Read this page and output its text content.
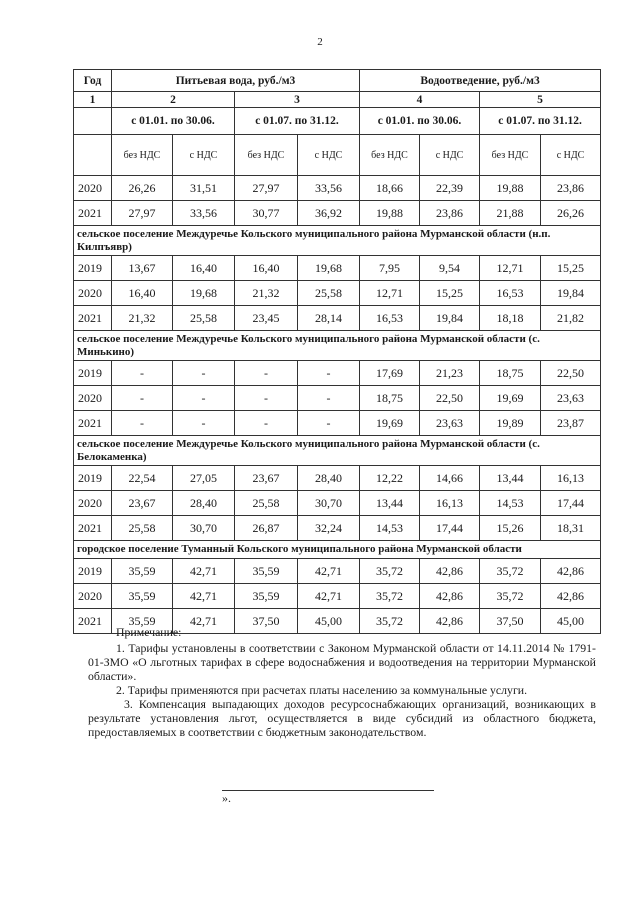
2
Год	Питьевая вода, руб./м3				Водоотведение, руб./м3			
1	2		3		4		5	
	с 01.01. по 30.06.		с 01.07. по 31.12.		с 01.01. по 30.06.		с 01.07. по 31.12.	
	без НДС	с НДС	без НДС	с НДС	без НДС	с НДС	без НДС	с НДС
2020	26,26	31,51	27,97	33,56	18,66	22,39	19,88	23,86
2021	27,97	33,56	30,77	36,92	19,88	23,86	21,88	26,26
сельское поселение Междуречье Кольского муниципального района Мурманской области (н.п. Килпъявр)								
2019	13,67	16,40	16,40	19,68	7,95	9,54	12,71	15,25
2020	16,40	19,68	21,32	25,58	12,71	15,25	16,53	19,84
2021	21,32	25,58	23,45	28,14	16,53	19,84	18,18	21,82
сельское поселение Междуречье Кольского муниципального района Мурманской области (с. Минькино)								
2019	-	-	-	-	17,69	21,23	18,75	22,50
2020	-	-	-	-	18,75	22,50	19,69	23,63
2021	-	-	-	-	19,69	23,63	19,89	23,87
сельское поселение Междуречье Кольского муниципального района Мурманской области (с. Белокаменка)								
2019	22,54	27,05	23,67	28,40	12,22	14,66	13,44	16,13
2020	23,67	28,40	25,58	30,70	13,44	16,13	14,53	17,44
2021	25,58	30,70	26,87	32,24	14,53	17,44	15,26	18,31
городское поселение Туманный Кольского муниципального района Мурманской области								
2019	35,59	42,71	35,59	42,71	35,72	42,86	35,72	42,86
2020	35,59	42,71	35,59	42,71	35,72	42,86	35,72	42,86
2021	35,59	42,71	37,50	45,00	35,72	42,86	37,50	45,00

Примечание:

1. Тарифы установлены в соответствии с Законом Мурманской области от 14.11.2014 № 1791-01-ЗМО «О льготных тарифах в сфере водоснабжения и водоотведения на территории Мурманской области».

2. Тарифы применяются при расчетах платы населению за коммунальные услуги.

3. Компенсация выпадающих доходов ресурсоснабжающих организаций, возникающих в результате установления льгот, осуществляется в виде субсидий из областного бюджета, предоставляемых в соответствии с бюджетным законодательством.

».
